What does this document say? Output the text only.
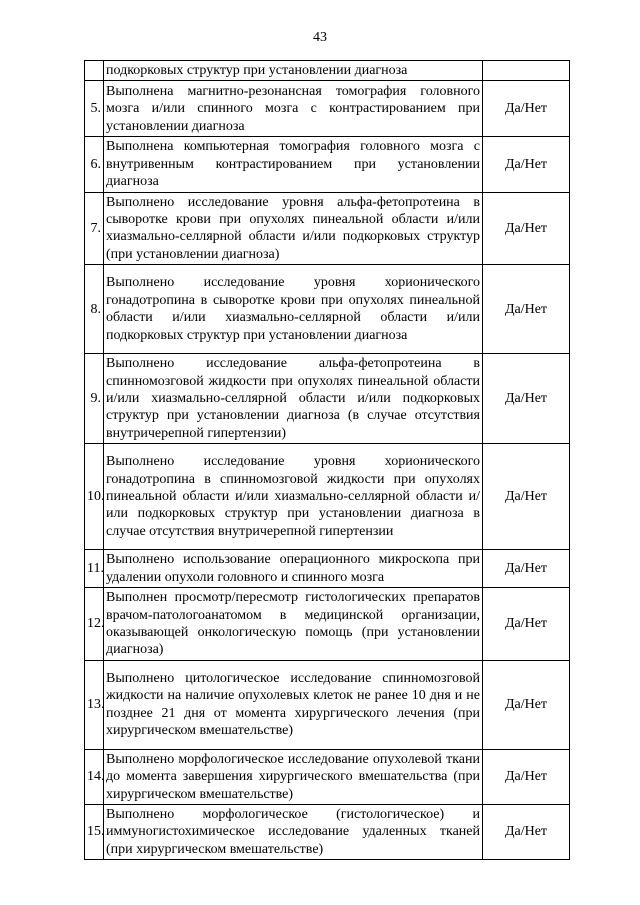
43
	подкорковых структур при установлении диагноза	
5.	Выполнена магнитно-резонансная томография головного мозга и/или спинного мозга с контрастированием при установлении диагноза	Да/Нет
6.	Выполнена компьютерная томография головного мозга с внутривенным контрастированием при установлении диагноза	Да/Нет
7.	Выполнено исследование уровня альфа-фетопротеина в сыворотке крови при опухолях пинеальной области и/или хиазмально-селлярной области и/или подкорковых структур (при установлении диагноза)	Да/Нет
8.	Выполнено исследование уровня хорионического гонадотропина в сыворотке крови при опухолях пинеальной области и/или хиазмально-селлярной области и/или подкорковых структур при установлении диагноза	Да/Нет
9.	Выполнено исследование альфа-фетопротеина в спинномозговой жидкости при опухолях пинеальной области и/или хиазмально-селлярной области и/или подкорковых структур при установлении диагноза (в случае отсутствия внутричерепной гипертензии)	Да/Нет
10.	Выполнено исследование уровня хорионического гонадотропина в спинномозговой жидкости при опухолях пинеальной области и/или хиазмально-селлярной области и/или подкорковых структур при установлении диагноза в случае отсутствия внутричерепной гипертензии	Да/Нет
11.	Выполнено использование операционного микроскопа при удалении опухоли головного и спинного мозга	Да/Нет
12.	Выполнен просмотр/пересмотр гистологических препаратов врачом-патологоанатомом в медицинской организации, оказывающей онкологическую помощь (при установлении диагноза)	Да/Нет
13.	Выполнено цитологическое исследование спинномозговой жидкости на наличие опухолевых клеток не ранее 10 дня и не позднее 21 дня от момента хирургического лечения (при хирургическом вмешательстве)	Да/Нет
14.	Выполнено морфологическое исследование опухолевой ткани до момента завершения хирургического вмешательства (при хирургическом вмешательстве)	Да/Нет
15.	Выполнено морфологическое (гистологическое) и иммуногистохимическое исследование удаленных тканей (при хирургическом вмешательстве)	Да/Нет
